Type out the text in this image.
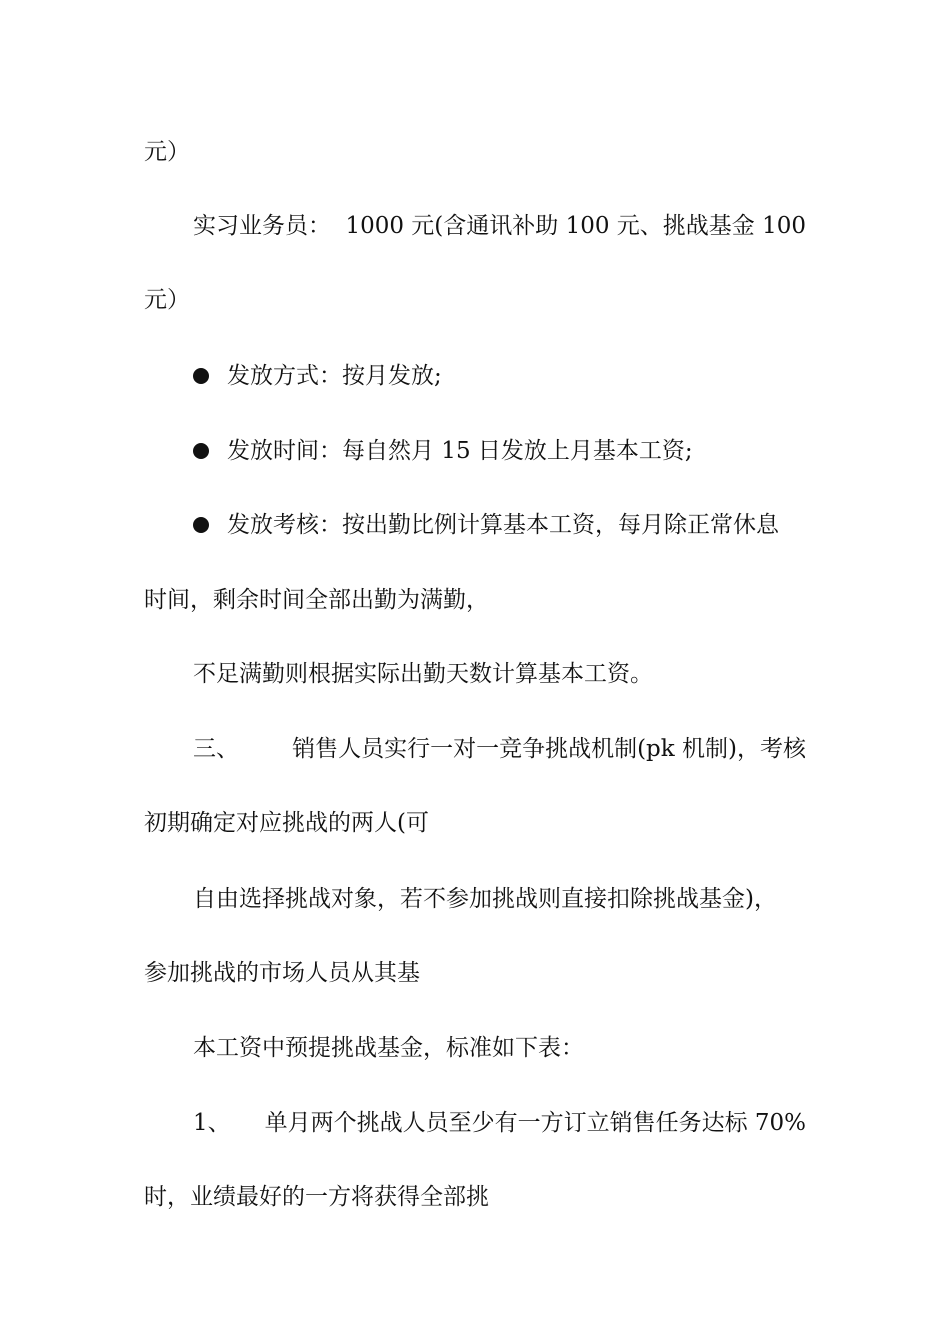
元）
实习业务员： 1000 元(含通讯补助 100 元、挑战基金 100
元）
发放方式：按月发放;
发放时间：每自然月 15 日发放上月基本工资;
发放考核：按出勤比例计算基本工资，每月除正常休息
时间，剩余时间全部出勤为满勤，
不足满勤则根据实际出勤天数计算基本工资。
三、 销售人员实行一对一竞争挑战机制(pk 机制)，考核
初期确定对应挑战的两人(可
自由选择挑战对象，若不参加挑战则直接扣除挑战基金)，
参加挑战的市场人员从其基
本工资中预提挑战基金，标准如下表：
1、 单月两个挑战人员至少有一方订立销售任务达标 70%
时，业绩最好的一方将获得全部挑
